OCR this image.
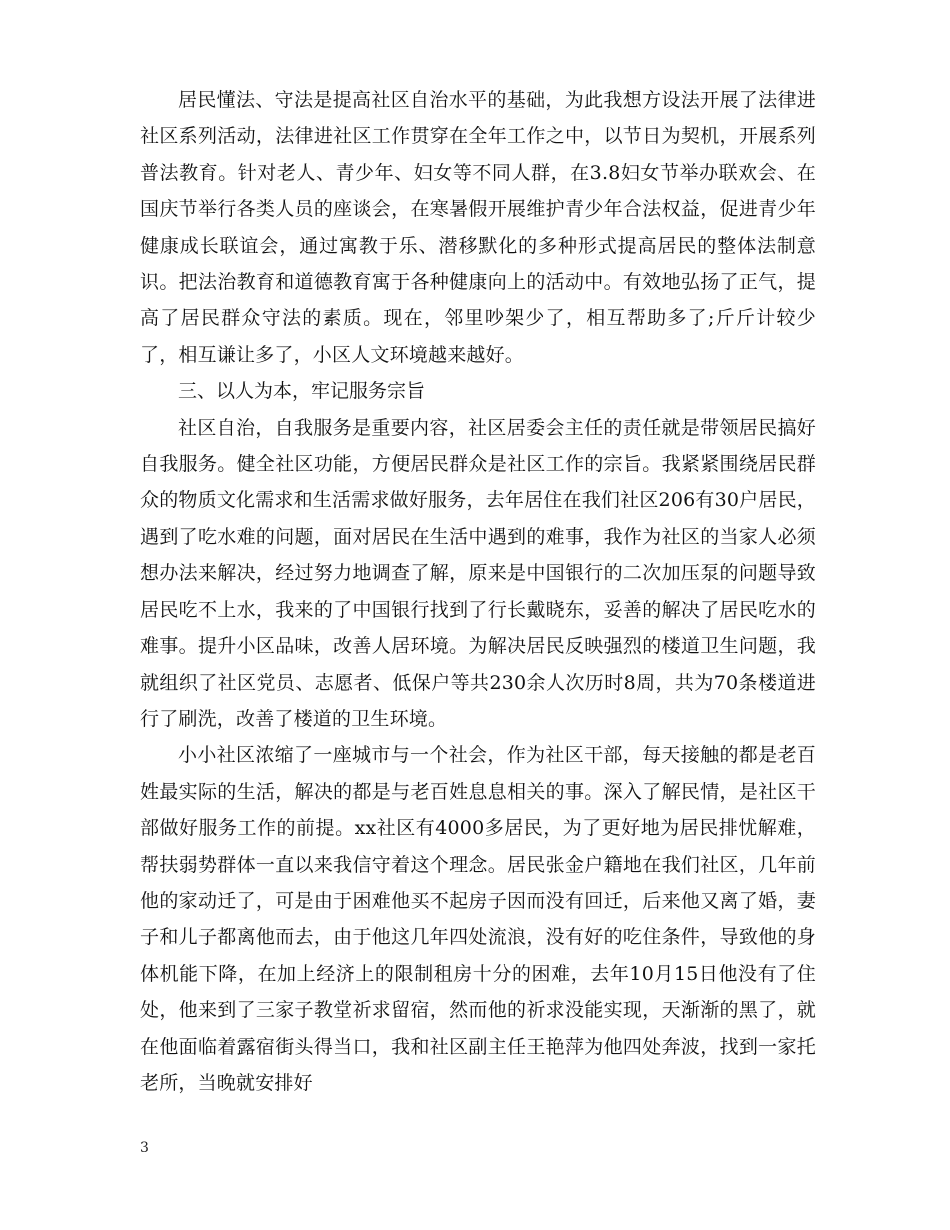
居民懂法、守法是提高社区自治水平的基础，为此我想方设法开展了法律进社区系列活动，法律进社区工作贯穿在全年工作之中，以节日为契机，开展系列普法教育。针对老人、青少年、妇女等不同人群，在3.8妇女节举办联欢会、在国庆节举行各类人员的座谈会，在寒暑假开展维护青少年合法权益，促进青少年健康成长联谊会，通过寓教于乐、潜移默化的多种形式提高居民的整体法制意识。把法治教育和道德教育寓于各种健康向上的活动中。有效地弘扬了正气，提高了居民群众守法的素质。现在，邻里吵架少了，相互帮助多了;斤斤计较少了，相互谦让多了，小区人文环境越来越好。

三、以人为本，牢记服务宗旨

社区自治，自我服务是重要内容，社区居委会主任的责任就是带领居民搞好自我服务。健全社区功能，方便居民群众是社区工作的宗旨。我紧紧围绕居民群众的物质文化需求和生活需求做好服务，去年居住在我们社区206有30户居民，遇到了吃水难的问题，面对居民在生活中遇到的难事，我作为社区的当家人必须想办法来解决，经过努力地调查了解，原来是中国银行的二次加压泵的问题导致居民吃不上水，我来的了中国银行找到了行长戴晓东，妥善的解决了居民吃水的难事。提升小区品味，改善人居环境。为解决居民反映强烈的楼道卫生问题，我就组织了社区党员、志愿者、低保户等共230余人次历时8周，共为70条楼道进行了刷洗，改善了楼道的卫生环境。

小小社区浓缩了一座城市与一个社会，作为社区干部，每天接触的都是老百姓最实际的生活，解决的都是与老百姓息息相关的事。深入了解民情，是社区干部做好服务工作的前提。xx社区有4000多居民，为了更好地为居民排忧解难，帮扶弱势群体一直以来我信守着这个理念。居民张金户籍地在我们社区，几年前他的家动迁了，可是由于困难他买不起房子因而没有回迁，后来他又离了婚，妻子和儿子都离他而去，由于他这几年四处流浪，没有好的吃住条件，导致他的身体机能下降，在加上经济上的限制租房十分的困难，去年10月15日他没有了住处，他来到了三家子教堂祈求留宿，然而他的祈求没能实现，天渐渐的黑了，就在他面临着露宿街头得当口，我和社区副主任王艳萍为他四处奔波，找到一家托老所，当晚就安排好

3
